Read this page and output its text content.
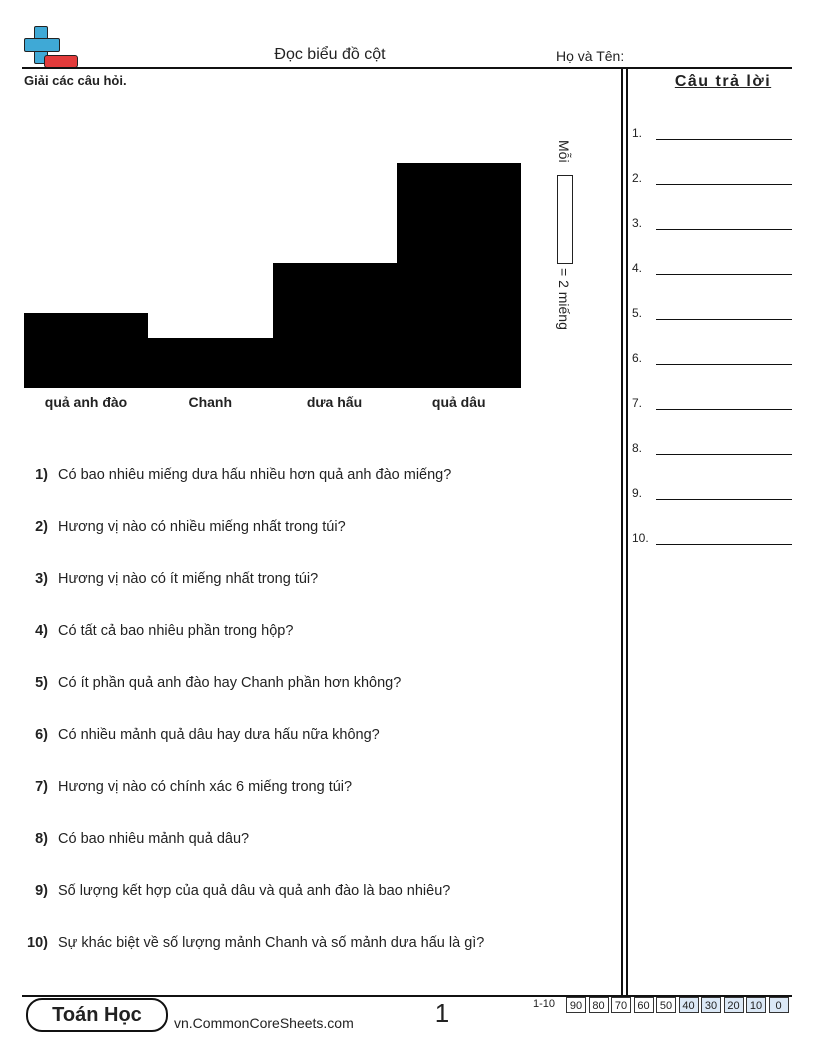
Đọc biểu đồ cột	Họ và Tên:
Giải các câu hỏi.	Câu trả lời
1.
2.
3.
4.
5.
6.
7.
8.
9.
10.
quả anh đào	Chanh	dưa hấu	quả dâu
Mỗi
= 2 miếng
1) Có bao nhiêu miếng dưa hấu nhiều hơn quả anh đào miếng?
2) Hương vị nào có nhiều miếng nhất trong túi?
3) Hương vị nào có ít miếng nhất trong túi?
4) Có tất cả bao nhiêu phần trong hộp?
5) Có ít phần quả anh đào hay Chanh phần hơn không?
6) Có nhiều mảnh quả dâu hay dưa hấu nữa không?
7) Hương vị nào có chính xác 6 miếng trong túi?
8) Có bao nhiêu mảnh quả dâu?
9) Số lượng kết hợp của quả dâu và quả anh đào là bao nhiêu?
10) Sự khác biệt về số lượng mảnh Chanh và số mảnh dưa hấu là gì?
Toán Học	vn.CommonCoreSheets.com	1	1-10	90 80 70 60 50 40 30 20 10	0
